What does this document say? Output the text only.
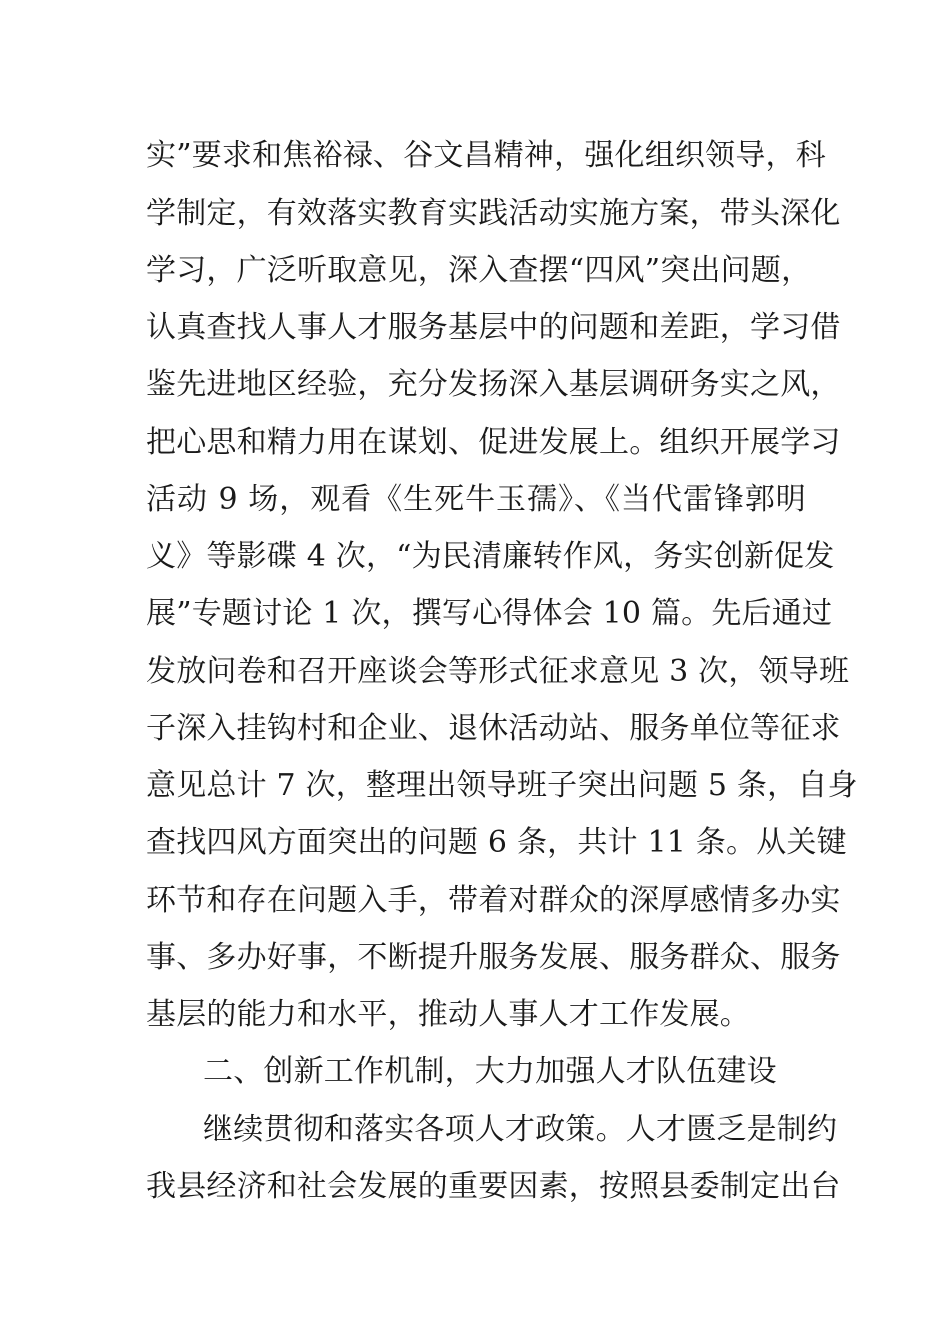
实”要求和焦裕禄、谷文昌精神，强化组织领导，科
学制定，有效落实教育实践活动实施方案，带头深化
学习，广泛听取意见，深入查摆“四风”突出问题，
认真查找人事人才服务基层中的问题和差距，学习借
鉴先进地区经验，充分发扬深入基层调研务实之风，
把心思和精力用在谋划、促进发展上。组织开展学习
活动 9 场，观看《生死牛玉孺》、《当代雷锋郭明
义》等影碟 4 次，“为民清廉转作风，务实创新促发
展”专题讨论 1 次，撰写心得体会 10 篇。先后通过
发放问卷和召开座谈会等形式征求意见 3 次，领导班
子深入挂钩村和企业、退休活动站、服务单位等征求
意见总计 7 次，整理出领导班子突出问题 5 条，自身
查找四风方面突出的问题 6 条，共计 11 条。从关键
环节和存在问题入手，带着对群众的深厚感情多办实
事、多办好事，不断提升服务发展、服务群众、服务
基层的能力和水平，推动人事人才工作发展。
二、创新工作机制，大力加强人才队伍建设
继续贯彻和落实各项人才政策。人才匮乏是制约
我县经济和社会发展的重要因素，按照县委制定出台
